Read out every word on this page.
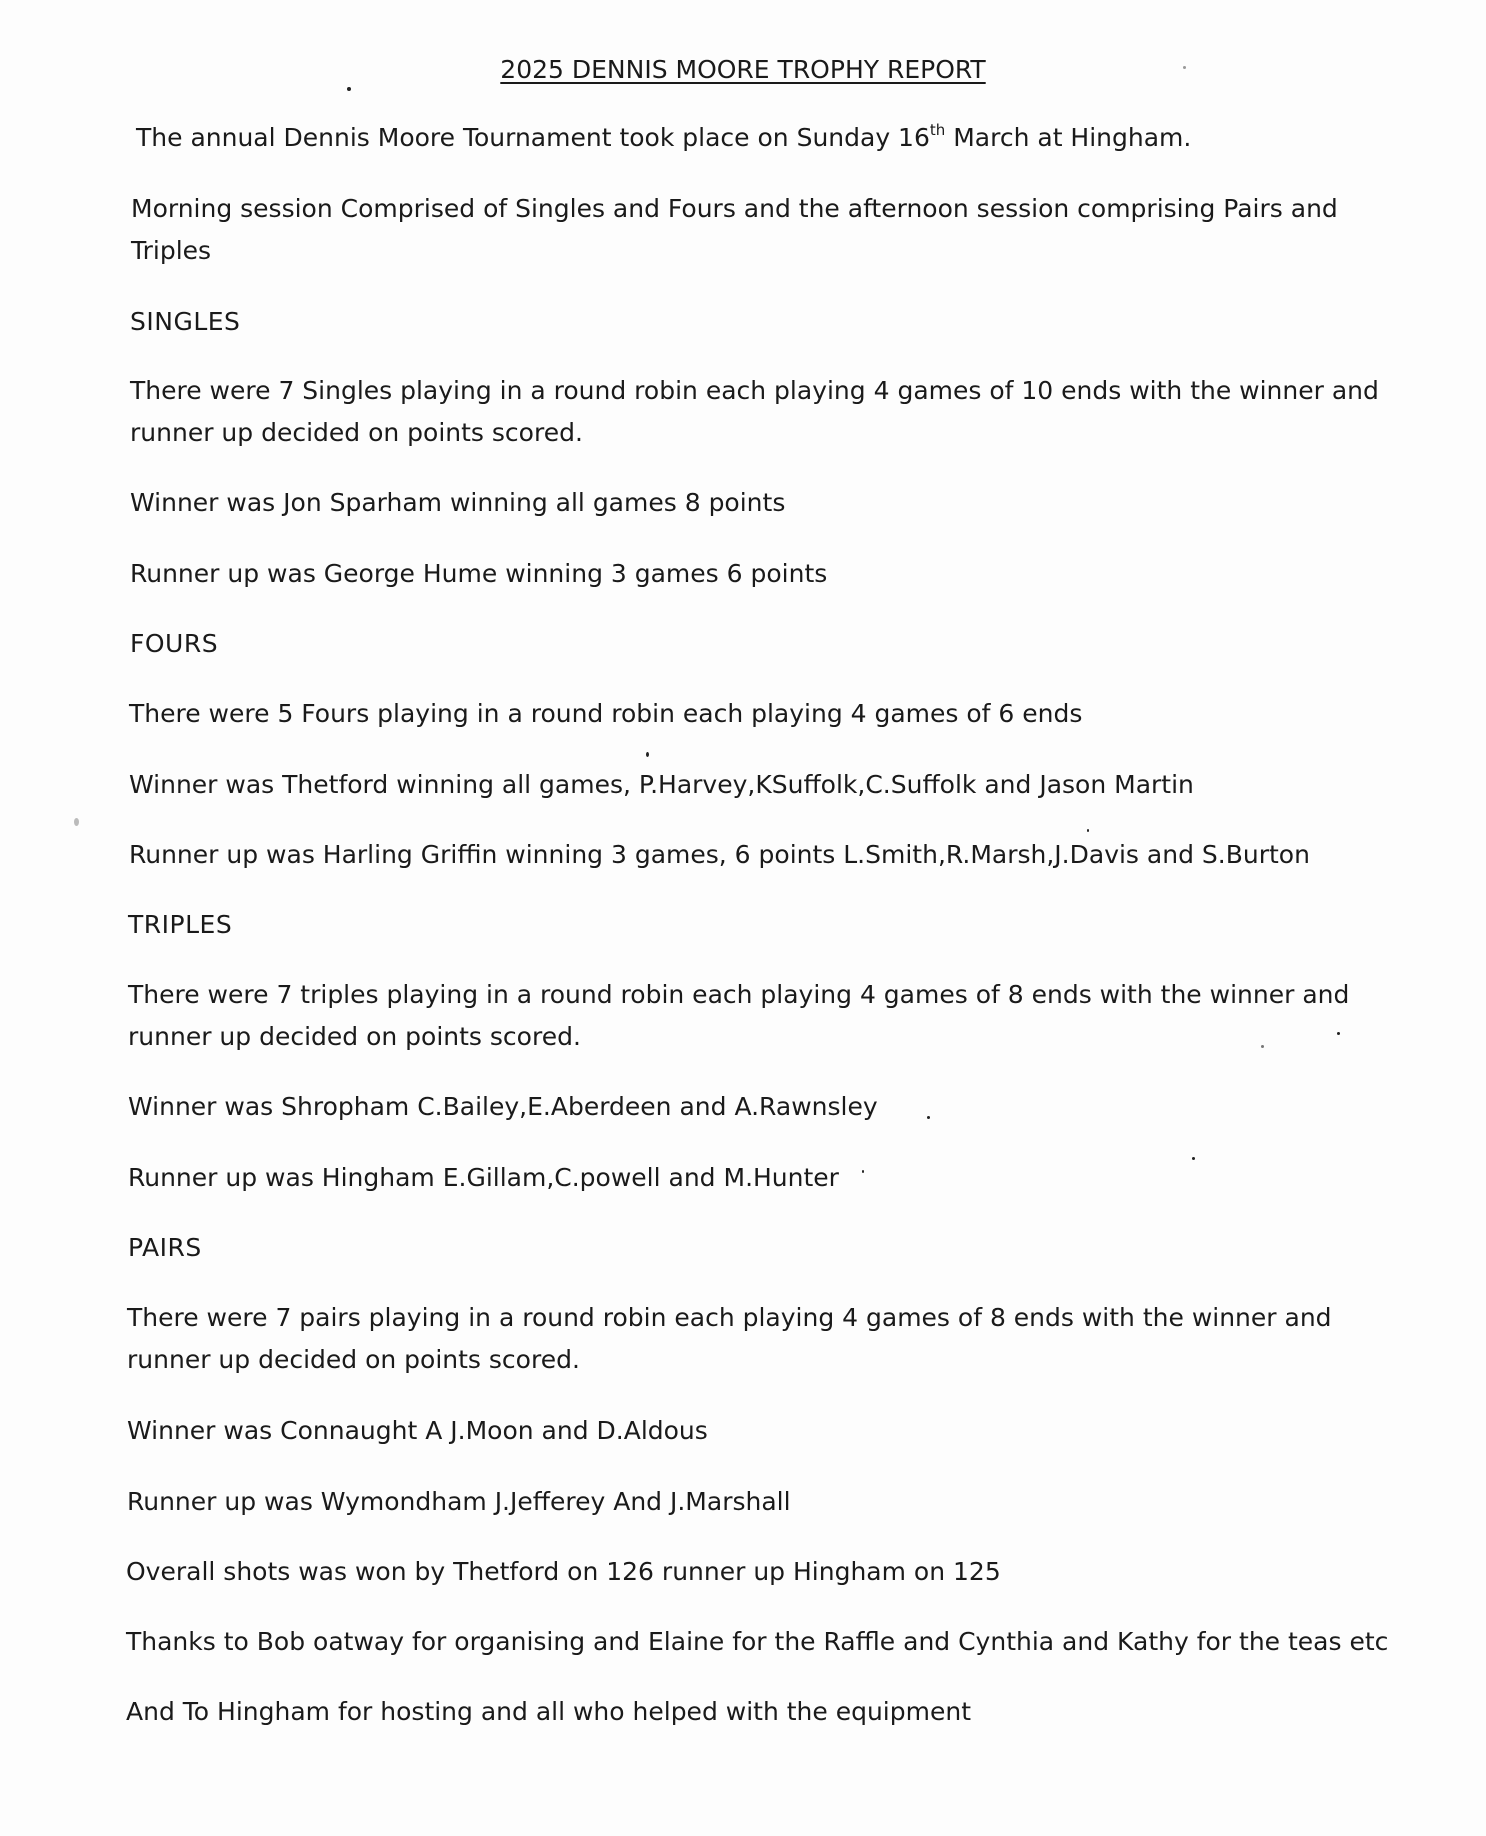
2025 DENNIS MOORE TROPHY REPORT
The annual Dennis Moore Tournament took place on Sunday 16th March at Hingham.
Morning session Comprised of Singles and Fours and the afternoon session comprising Pairs and Triples
SINGLES
There were 7 Singles playing in a round robin each playing 4 games of 10 ends with the winner and runner up decided on points scored.
Winner was Jon Sparham winning all games 8 points
Runner up was George Hume winning 3 games 6 points
FOURS
There were 5 Fours playing in a round robin each playing 4 games of 6 ends
Winner was Thetford winning all games, P.Harvey,KSuffolk,C.Suffolk and Jason Martin
Runner up was Harling Griffin winning 3 games, 6 points L.Smith,R.Marsh,J.Davis and S.Burton
TRIPLES
There were 7 triples playing in a round robin each playing 4 games of 8 ends with the winner and runner up decided on points scored.
Winner was Shropham C.Bailey,E.Aberdeen and A.Rawnsley
Runner up was Hingham E.Gillam,C.powell and M.Hunter
PAIRS
There were 7 pairs playing in a round robin each playing 4 games of 8 ends with the winner and runner up decided on points scored.
Winner was Connaught A J.Moon and D.Aldous
Runner up was Wymondham J.Jefferey And J.Marshall
Overall shots was won by Thetford on 126 runner up Hingham on 125
Thanks to Bob oatway for organising and Elaine for the Raffle and Cynthia and Kathy for the teas etc
And To Hingham for hosting and all who helped with the equipment
